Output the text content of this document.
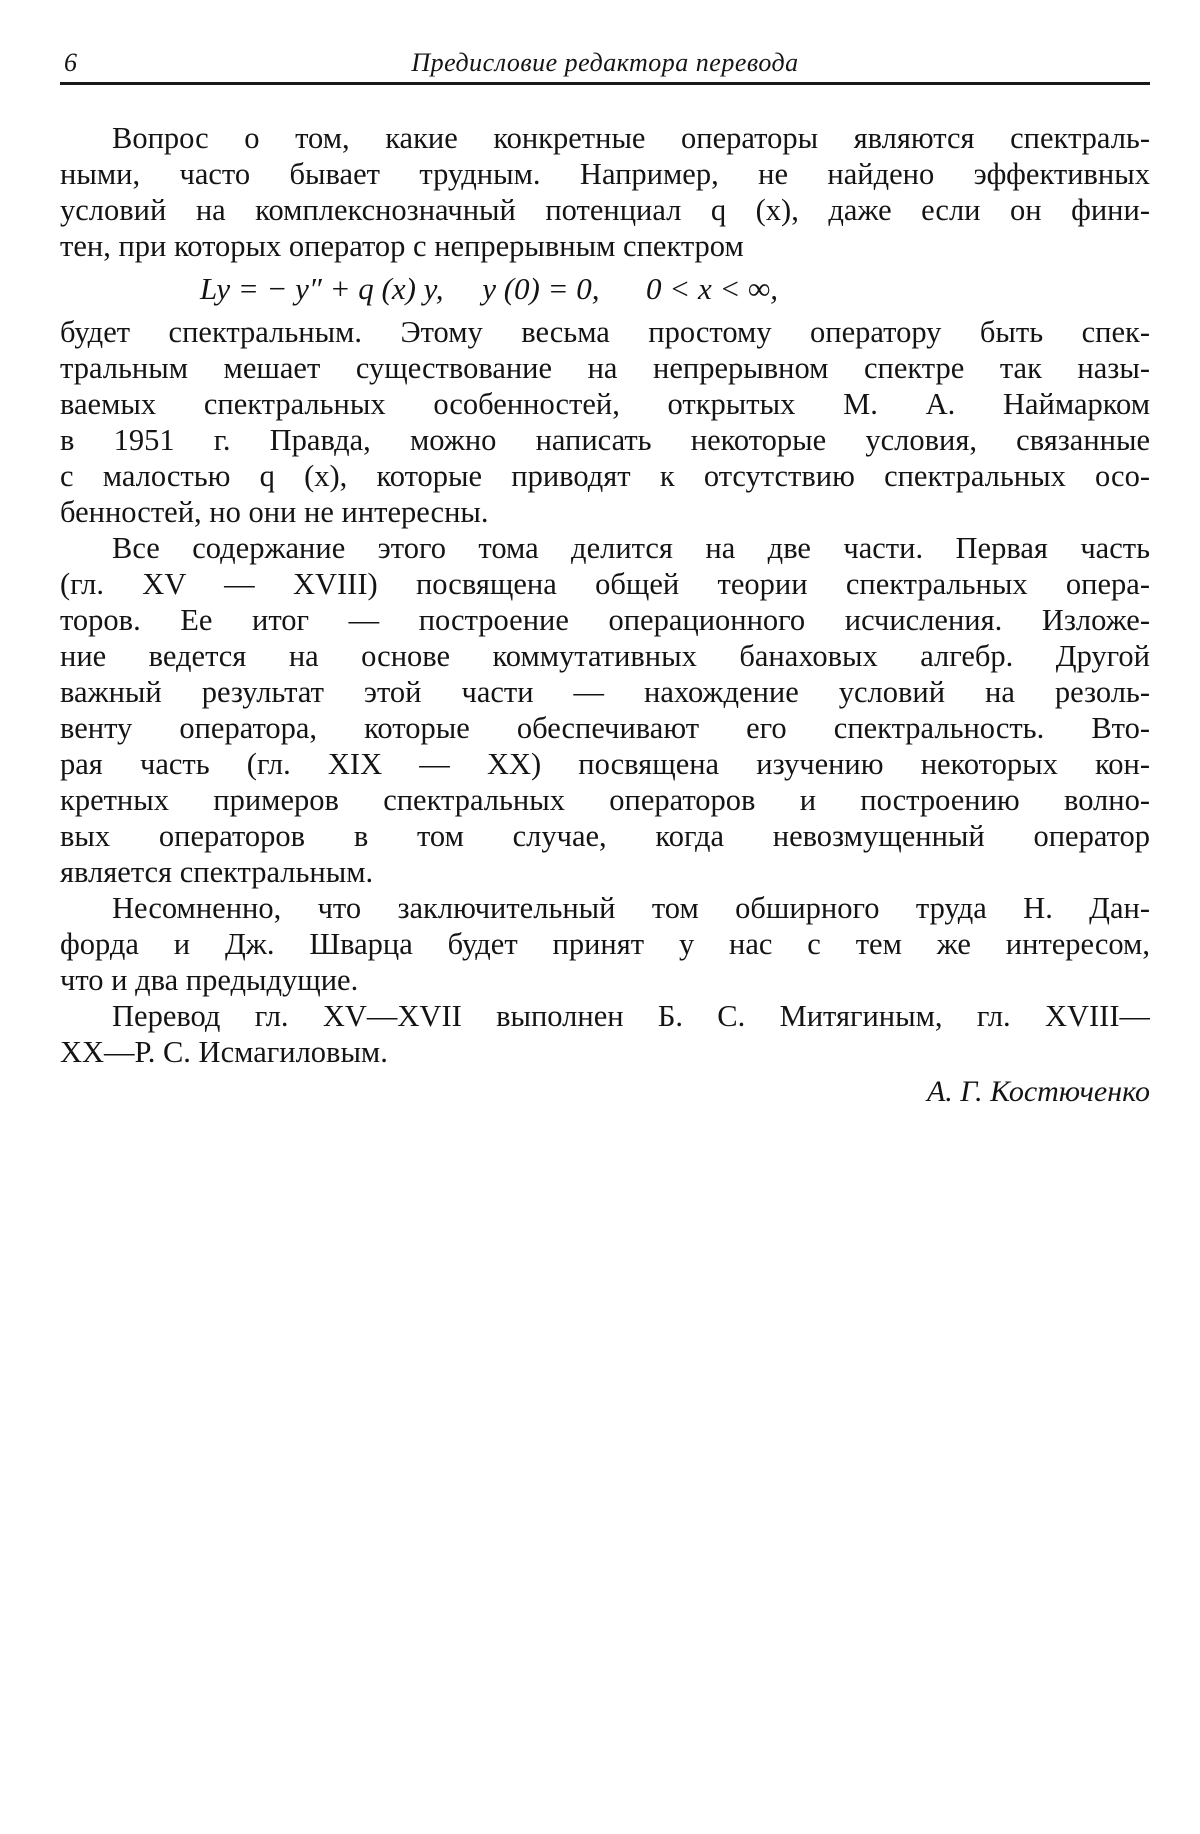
6	Предисловие редактора перевода
Вопрос о том, какие конкретные операторы являются спектраль-
ными, часто бывает трудным. Например, не найдено эффективных
условий на комплекснозначный потенциал q (x), даже если он фини-
тен, при которых оператор с непрерывным спектром
Ly = − y″ + q (x) y,     y (0) = 0,      0 < x < ∞,
будет спектральным. Этому весьма простому оператору быть спек-
тральным мешает существование на непрерывном спектре так назы-
ваемых спектральных особенностей, открытых М. А. Наймарком
в 1951 г. Правда, можно написать некоторые условия, связанные
с малостью q (x), которые приводят к отсутствию спектральных осо-
бенностей, но они не интересны.
Все содержание этого тома делится на две части. Первая часть
(гл. XV — XVIII) посвящена общей теории спектральных опера-
торов. Ее итог — построение операционного исчисления. Изложе-
ние ведется на основе коммутативных банаховых алгебр. Другой
важный результат этой части — нахождение условий на резоль-
венту оператора, которые обеспечивают его спектральность. Вто-
рая часть (гл. XIX — XX) посвящена изучению некоторых кон-
кретных примеров спектральных операторов и построению волно-
вых операторов в том случае, когда невозмущенный оператор
является спектральным.
Несомненно, что заключительный том обширного труда Н. Дан-
форда и Дж. Шварца будет принят у нас с тем же интересом,
что и два предыдущие.
Перевод гл. XV—XVII выполнен Б. С. Митягиным, гл. XVIII—
XX—Р. С. Исмагиловым.
А. Г. Костюченко
